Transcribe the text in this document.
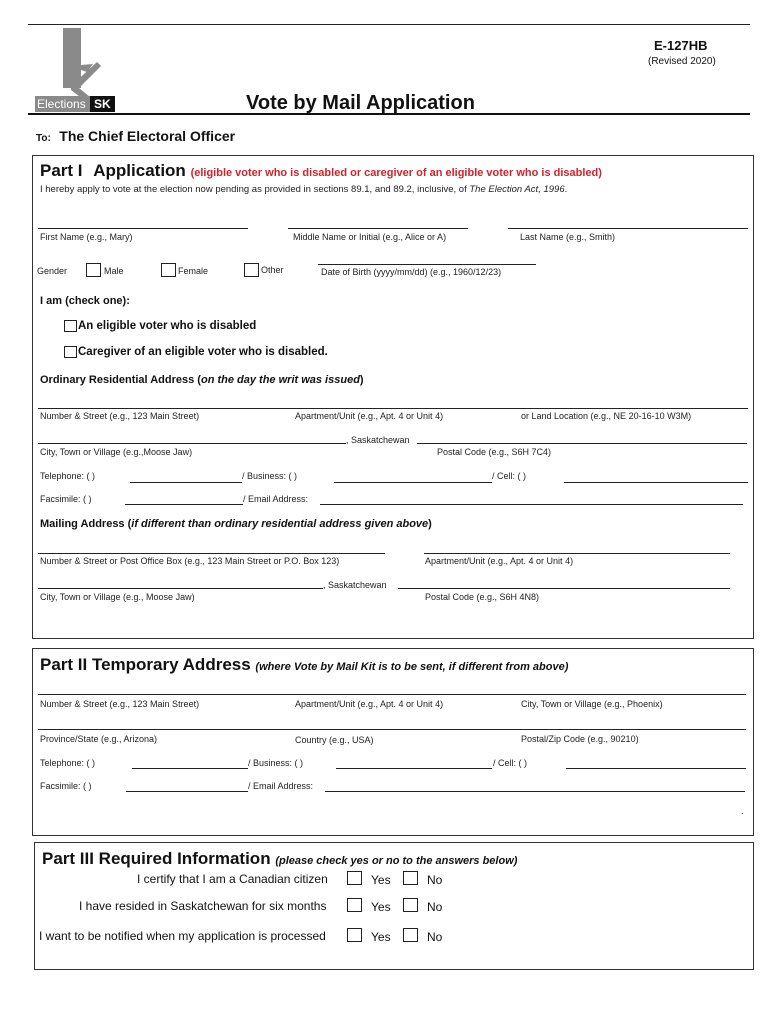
Elections SK
E-127HB
(Revised 2020)
Vote by Mail Application
To: The Chief Electoral Officer
Part I Application (eligible voter who is disabled or caregiver of an eligible voter who is disabled)
I hereby apply to vote at the election now pending as provided in sections 89.1, and 89.2, inclusive, of The Election Act, 1996.
First Name (e.g., Mary)	Middle Name or Initial (e.g., Alice or A)	Last Name (e.g., Smith)
Gender	Male	Female	Other	Date of Birth (yyyy/mm/dd) (e.g., 1960/12/23)
I am (check one):
An eligible voter who is disabled
Caregiver of an eligible voter who is disabled.
Ordinary Residential Address (on the day the writ was issued)
Number & Street (e.g., 123 Main Street)	Apartment/Unit (e.g., Apt. 4 or Unit 4)	or Land Location (e.g., NE 20-16-10 W3M)
, Saskatchewan
City, Town or Village (e.g.,Moose Jaw)	Postal Code (e.g., S6H 7C4)
Telephone: ( )	/ Business: ( )	/ Cell: ( )
Facsimile: ( )	/ Email Address:
Mailing Address (if different than ordinary residential address given above)
Number & Street or Post Office Box (e.g., 123 Main Street or P.O. Box 123)	Apartment/Unit (e.g., Apt. 4 or Unit 4)
, Saskatchewan
City, Town or Village (e.g., Moose Jaw)	Postal Code (e.g., S6H 4N8)
Part II Temporary Address (where Vote by Mail Kit is to be sent, if different from above)
Number & Street (e.g., 123 Main Street)	Apartment/Unit (e.g., Apt. 4 or Unit 4)	City, Town or Village (e.g., Phoenix)
Province/State (e.g., Arizona)	Country (e.g., USA)	Postal/Zip Code (e.g., 90210)
Telephone: ( )	/ Business: ( )	/ Cell: ( )
Facsimile: ( )	/ Email Address:
.
Part III Required Information (please check yes or no to the answers below)
I certify that I am a Canadian citizen	Yes	No
I have resided in Saskatchewan for six months	Yes	No
I want to be notified when my application is processed	Yes	No
